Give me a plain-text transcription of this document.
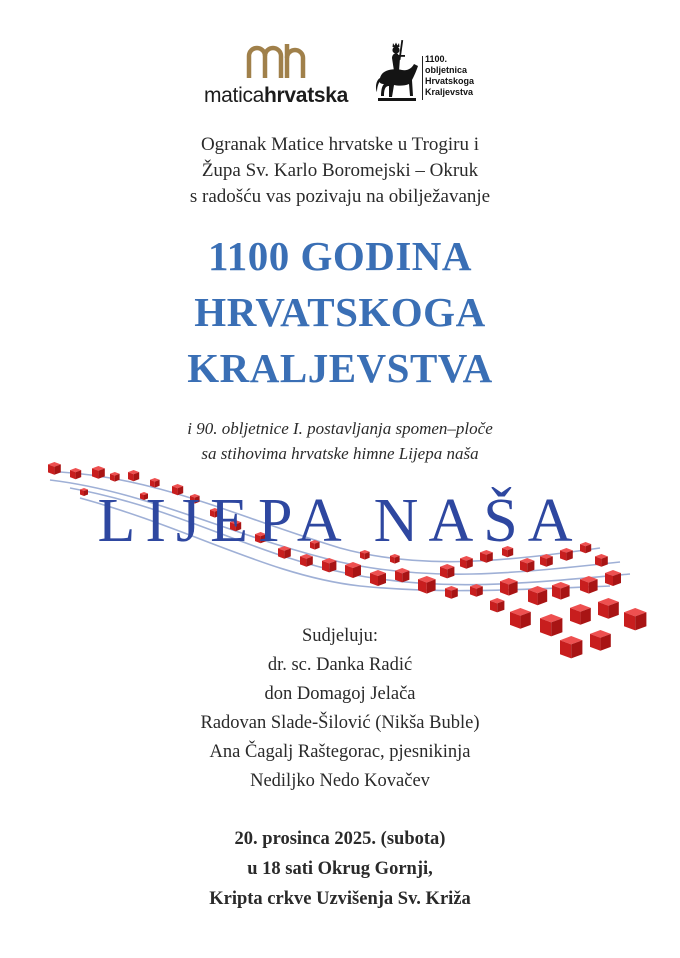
maticahrvatska
1100.
obljetnica
Hrvatskoga
Kraljevstva
Ogranak Matice hrvatske u Trogiru i
Župa Sv. Karlo Boromejski – Okruk
s radošću vas pozivaju na obilježavanje
1100 GODINA
HRVATSKOGA
KRALJEVSTVA
i 90. obljetnice I. postavljanja spomen–ploče
sa stihovima hrvatske himne Lijepa naša
LIJEPA NAŠA
Sudjeluju:
dr. sc. Danka Radić
don Domagoj Jelača
Radovan Slade-Šilović (Nikša Buble)
Ana Čagalj Raštegorac, pjesnikinja
Nediljko Nedo Kovačev
20. prosinca 2025. (subota)
u 18 sati Okrug Gornji,
Kripta crkve Uzvišenja Sv. Križa
